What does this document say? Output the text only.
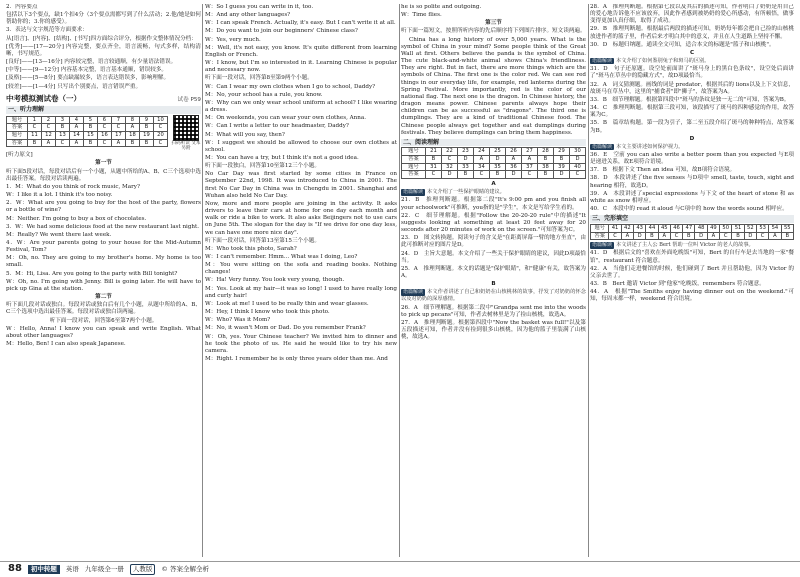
2．内容要点

包括以下3个要点，缺1个扣4分（3个要点需都写到了什么活动；2.他/她是如何帮助你的；3.你的感受）。

3．表达与文字规范等方面要求：

从[语言]、[内容]、[结构]、[书写]四方面综合评分，根据作文整体情况分档：

[优秀]——[17—20分] 内容完整，要点齐全，语言流畅，句式多样，结构清晰，书写规范。

[良好]——[13—16分] 内容较完整，语言较通顺，有少量语法错误。

[中等]——[9—12分] 内容基本完整，语言基本通顺，错误较多。

[及格]——[5—8分] 要点缺漏较多，语言表达错误多，影响理解。

[较差]——[1—4分] 只写出个别要点，语言错误严重。

中考模拟测试卷（一）	试卷 P59
一、听力理解
题号	1	2	3	4	5	6	7	8	9	10
答案	C	C	B	A	B	C	C	A	B	C
题号	11	12	13	14	15	16	17	18	19	20
答案	B	A	C	A	B	C	A	B	B	C 扫码听读 文本另附

[听力原文]

第一节

听下面5段对话，每段对话后有一个小题，从题中所给的A、B、C三个选项中选出最佳答案。每段对话读两遍。

1．M：What do you think of rock music, Mary?

W：I like it a lot. I think it's too noisy.

2．W：What are you going to buy for the host of the party, flowers or a bottle of wine?

M：Neither. I'm going to buy a box of chocolates.

3．W：We had some delicious food at the new restaurant last night.

M：Really? We went there last week.

4．W：Are your parents going to your house for the Mid-Autumn Festival, Tom?

M：Oh, no. They are going to my brother's home. My home is too small.

5．M：Hi, Lisa. Are you going to the party with Bill tonight?

W：Oh, no. I'm going with Jenny. Bill is going later. He will have to pick up Gina at the station.

第二节

听下面几段对话或独白。每段对话或独白后有几个小题，从题中所给的A、B、C三个选项中选出最佳答案。每段对话或独白读两遍。

听下面一段对话，回答第6至第7两个小题。

W：Hello, Anna! I know you can speak and write English. What about other languages?

M：Hello, Ben! I can also speak Japanese.

W：So I guess you can write in it, too.

M：And any other languages?

W：I can speak French. Actually, it's easy. But I can't write it at all.

M：Do you want to join our beginners' Chinese class?

W：Yes, very much.

M：Well, it's not easy, you know. It's quite different from learning English or French.

W：I know, but I'm so interested in it. Learning Chinese is popular and necessary now.

听下面一段对话，回答第8至第9两个小题。

W：Can I wear my own clothes when I go to school, Daddy?

M：No, your school has a rule, you know.

W：Why can we only wear school uniform at school? I like wearing a dress.

M：On weekends, you can wear your own clothes, Anna.

W：Can I write a letter to our headmaster, Daddy?

M：What will you say, then?

W：I suggest we should be allowed to choose our own clothes at school.

M：You can have a try, but I think it's not a good idea.

听下面一段独白，回答第10至第12三个小题。

No Car Day was first started by some cities in France on September 22nd, 1998. It was introduced to China in 2001. The first No Car Day in China was in Chengdu in 2001. Shanghai and Wuhan also held No Car Day.

Now, more and more people are joining in the activity. It asks drivers to leave their cars at home for one day each month and walk or ride a bike to work. It also asks Beijingers not to use cars on June 5th. The slogan for the day is "If we drive for one day less, we can have one more nice day".

听下面一段对话，回答第13至第15三个小题。

M：Who took this photo, Sarah?

W：I can't remember. Hmm... What was I doing, Leo?

M：You were sitting on the sofa and reading books. Nothing changes!

W：Ha! Very funny. You look very young, though.

M：Yes. Look at my hair—it was so long! I used to have really long and curly hair!

W：Look at me! I used to be really thin and wear glasses.

M：Hey, I think I know who took this photo.

W：Who? Was it Mom?

M：No, it wasn't Mom or Dad. Do you remember Frank?

W：Oh, yes. Your Chinese teacher? We invited him to dinner and he took the photo of us. He said he would like to try his new camera.

M：Right. I remember he is only three years older than me. And

he is so polite and outgoing.

W：Time flies.

第三节

听下面一篇短文，按照所听内容的先后顺序将下列图片排序。短文读两遍。

China has a long history of over 5,000 years. What is the symbol of China in your mind? Some people think of the Great Wall at first. Others believe the panda is the symbol of China. The cute black-and-white animal shows China's friendliness. They are right. But in fact, there are more things which are the symbols of China. The first one is the color red. We can see red things in our everyday life, for example, red lanterns during the Spring Festival. More importantly, red is the color of our national flag. The next one is the dragon. In Chinese history, the dragon means power. Chinese parents always hope their children can be as successful as "dragons". The third one is dumplings. They are a kind of traditional Chinese food. The Chinese people always get together and eat dumplings during festivals. They believe dumplings can bring them happiness.

二、阅读理解
题号	21	22	23	24	25	26	27	28	29	30
答案	B	C	D	A	D	A	A	B	B	D
题号	31	32	33	34	35	36	37	38	39	40
答案	C	D	B	C	B	D	C	B	D	C

A

语篇解读 本文介绍了一些保护眼睛的建议。

21．B　推理判断题。根据第二段"It's 9:00 pm and you finish all your schoolwork"可推断，you指的是"学生"，本文是写给学生看的。

22．C　细节理解题。根据"Follow the 20-20-20 rule"中的描述"It suggests looking at something at least 20 feet away for 20 seconds after 20 minutes of work on the screen."可知答案为C。

23．D　图文转换题。阅读句子的含义是"在距离屏幕一臂的地方坐直"，由此可推断对应的图片是D。

24．D　主旨大意题。本文介绍了一些关于保护眼睛的建议，因此D项最恰当。

25．A　推理判断题。本文的话题是"保护眼睛"，和"健康"有关，故答案为A。

B

语篇解读 本文作者讲述了自己和奶奶在山核桃林的故事，抒发了对奶奶的怀念以及对奶奶的深厚感情。

26．A　细节理解题。根据第二段中"Grandpa sent me into the woods to pick up pecans"可知，作者去树林里是为了捡山核桃，故选A。

27．A　推理判断题。根据第四段中"Now the basket was full!"以及第五段描述可知，作者并没有捡到很多山核桃，因为他的篮子里装满了山核桃，故选A。

28．A　推理判断题。根据第七段以及其后的描述可知，作者明白了奶奶是用自己的爱心地告诉他不应该放弃，因此作者感到被奶奶的爱心所感动，有所顿悟，做事变得更加认真仔细，取得了成功。

29．B　推理判断题。根据最后两段的描述可知，奶奶每年都会把自己捡的山核桃放进作者的篮子里，作者后来才明白其中的意义，并且在人生道路上坚持不懈。

30．D　标题归纳题。通读全文可知，适合本文的标题是"篮子和山核桃"。

C

语篇解读 本文介绍了如何鉴别兔子和斑马的区别。

31．D　句子还原题。设空处前面讲了"斑马身上的黑白色条纹"，设空处后面讲了"斑马在草丛中的隐藏方式"，故D项最恰当。

32．A　词义猜测题。画线的词是 predator，根据其后的 lions以及上下文信息，故斑马在草丛中，这里的"捕食者"即"狮子"，故答案为A。

33．B　细节理解题。根据第四段中"斑马的条纹是独一无二的"可知，答案为B。

34．C　推理判断题。根据第三段可知，该段描写了斑马的四种感觉的作用，故答案为C。

35．B　篇章结构题。第一段为引子，第二至五段介绍了斑马的种种特点，故答案为B。

D

语篇解读 本文主要讲述如何保护视力。

36．E　空前 you can also write a better poem than you expected 与E项是递进关系，故E项符合语境。

37．B　根据下文 Then an idea 可知，故B项符合语境。

38．D　本段讲述了the five senses 与D项中 smell, taste, touch, sight and hearing 相符，故选D。

39．A　本段讲述了special expressions 与下文 of the heart of stone 和 as white as snow 相呼应。

40．C　本段中的 read it aloud 与C项中的 how the words sound 相呼应。

三、完形填空
题号	41	42	43	44	45	46	47	48	49	50	51	52	53	54	55
答案	C	A	D	B	A	C	B	D	A	C	B	D	C	A	B

语篇解读 本文讲述了主人公 Bert 帮助一位叫 Victor 的老人的故事。

41．D　根据后文的"喜欢在外面吃晚饭"可知，Bert 的自行车是去当地的一家"餐馆"，restaurant 符合题意。

42．A　当他们走进餐馆的时候，他们碰到了 Bert 并且帮助他，因为 Victor 的父亲去世了。

43．B　Bert 邀请 Victor 到"他家"吃晚饭，remembers 符合题意。

44．A　根据"The Smiths enjoy having dinner out on the weekend."可知，每周末都一样，weekend 符合语境。

88	初中转题	英语 九年级全一册	人教版	© 答案全解全析
